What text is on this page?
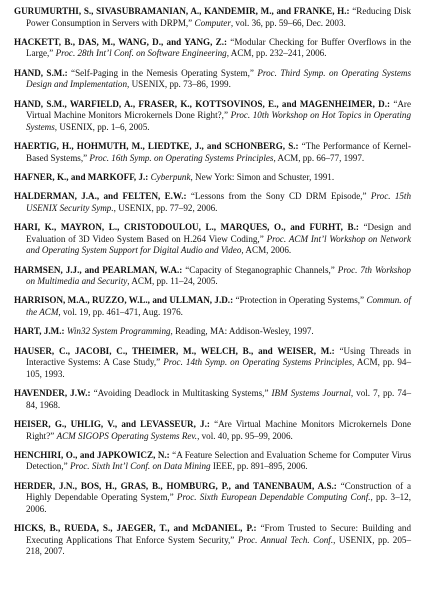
GURUMURTHI, S., SIVASUBRAMANIAN, A., KANDEMIR, M., and FRANKE, H.: “Reducing Disk Power Consumption in Servers with DRPM,” Computer, vol. 36, pp. 59–66, Dec. 2003.

HACKETT, B., DAS, M., WANG, D., and YANG, Z.: “Modular Checking for Buffer Overflows in the Large,” Proc. 28th Int’l Conf. on Software Engineering, ACM, pp. 232–241, 2006.

HAND, S.M.: “Self-Paging in the Nemesis Operating System,” Proc. Third Symp. on Operating Systems Design and Implementation, USENIX, pp. 73–86, 1999.

HAND, S.M., WARFIELD, A., FRASER, K., KOTTSOVINOS, E., and MAGENHEIMER, D.: “Are Virtual Machine Monitors Microkernels Done Right?,” Proc. 10th Workshop on Hot Topics in Operating Systems, USENIX, pp. 1–6, 2005.

HAERTIG, H., HOHMUTH, M., LIEDTKE, J., and SCHONBERG, S.: “The Performance of Kernel-Based Systems,” Proc. 16th Symp. on Operating Systems Principles, ACM, pp. 66–77, 1997.

HAFNER, K., and MARKOFF, J.: Cyberpunk, New York: Simon and Schuster, 1991.

HALDERMAN, J.A., and FELTEN, E.W.: “Lessons from the Sony CD DRM Episode,” Proc. 15th USENIX Security Symp., USENIX, pp. 77–92, 2006.

HARI, K., MAYRON, L., CRISTODOULOU, L., MARQUES, O., and FURHT, B.: “Design and Evaluation of 3D Video System Based on H.264 View Coding,” Proc. ACM Int’l Workshop on Network and Operating System Support for Digital Audio and Video, ACM, 2006.

HARMSEN, J.J., and PEARLMAN, W.A.: “Capacity of Steganographic Channels,” Proc. 7th Workshop on Multimedia and Security, ACM, pp. 11–24, 2005.

HARRISON, M.A., RUZZO, W.L., and ULLMAN, J.D.: “Protection in Operating Systems,” Commun. of the ACM, vol. 19, pp. 461–471, Aug. 1976.

HART, J.M.: Win32 System Programming, Reading, MA: Addison-Wesley, 1997.

HAUSER, C., JACOBI, C., THEIMER, M., WELCH, B., and WEISER, M.: “Using Threads in Interactive Systems: A Case Study,” Proc. 14th Symp. on Operating Systems Principles, ACM, pp. 94–105, 1993.

HAVENDER, J.W.: “Avoiding Deadlock in Multitasking Systems,” IBM Systems Journal, vol. 7, pp. 74–84, 1968.

HEISER, G., UHLIG, V., and LEVASSEUR, J.: “Are Virtual Machine Monitors Microkernels Done Right?” ACM SIGOPS Operating Systems Rev., vol. 40, pp. 95–99, 2006.

HENCHIRI, O., and JAPKOWICZ, N.: “A Feature Selection and Evaluation Scheme for Computer Virus Detection,” Proc. Sixth Int’l Conf. on Data Mining IEEE, pp. 891–895, 2006.

HERDER, J.N., BOS, H., GRAS, B., HOMBURG, P., and TANENBAUM, A.S.: “Construction of a Highly Dependable Operating System,” Proc. Sixth European Dependable Computing Conf., pp. 3–12, 2006.

HICKS, B., RUEDA, S., JAEGER, T., and McDANIEL, P.: “From Trusted to Secure: Building and Executing Applications That Enforce System Security,” Proc. Annual Tech. Conf., USENIX, pp. 205–218, 2007.
